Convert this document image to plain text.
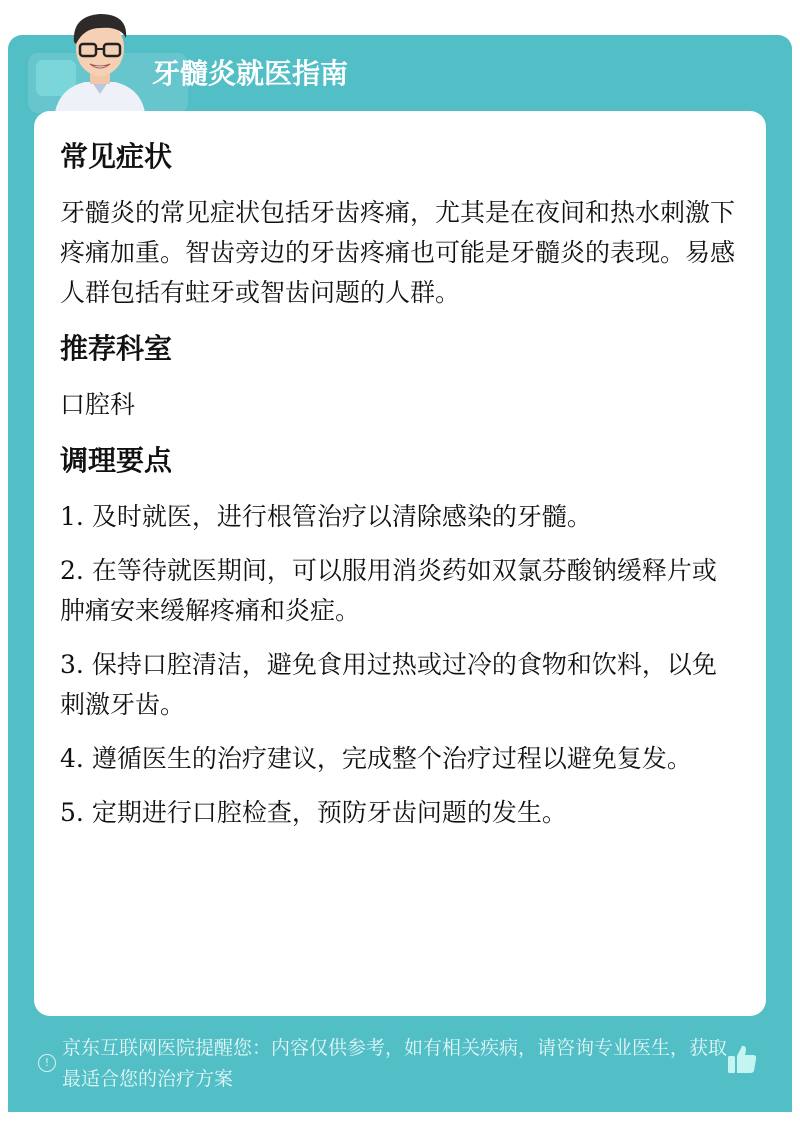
牙髓炎就医指南
常见症状

牙髓炎的常见症状包括牙齿疼痛，尤其是在夜间和热水刺激下疼痛加重。智齿旁边的牙齿疼痛也可能是牙髓炎的表现。易感人群包括有蛀牙或智齿问题的人群。

推荐科室

口腔科

调理要点

1. 及时就医，进行根管治疗以清除感染的牙髓。

2. 在等待就医期间，可以服用消炎药如双氯芬酸钠缓释片或肿痛安来缓解疼痛和炎症。

3. 保持口腔清洁，避免食用过热或过冷的食物和饮料，以免刺激牙齿。

4. 遵循医生的治疗建议，完成整个治疗过程以避免复发。

5. 定期进行口腔检查，预防牙齿问题的发生。

!
京东互联网医院提醒您：内容仅供参考，如有相关疾病，请咨询专业医生，获取最适合您的治疗方案
